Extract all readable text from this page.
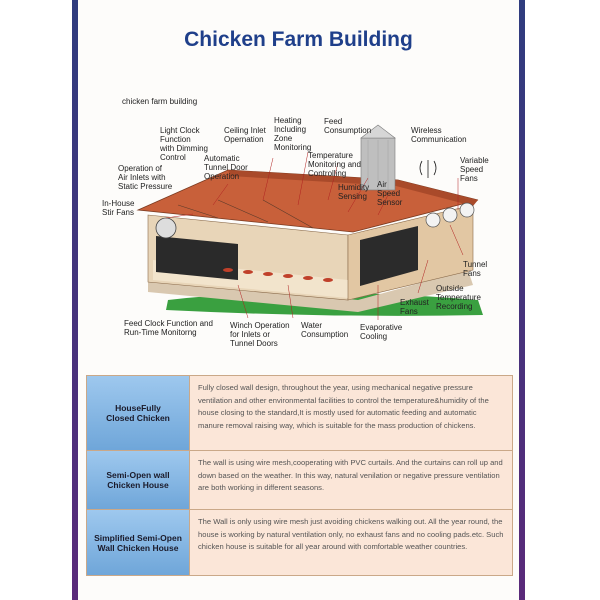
Chicken Farm Building
chicken farm building
Light Clock
Function
with Dimming
Control
Ceiling Inlet
Opernation
Heating
Including
Zone
Monitoring
Feed
Consumption	Wireless
Communication
Operation of
Air Inlets with
Static Pressure
Automatic
Tunnel Door
Operation
Temperature
Monitoring and
Controlling
Humidity
Sensing
Air
Speed
Sensor
Variable
Speed
Fans
In-House
Stir Fans
Tunnel
Fans
Outside
Temperature
Recording
Exhaust
Fans
Feed Clock Function and
Run-Time Monitorng
Winch Operation
for Inlets or
Tunnel Doors
Water
Consumption
Evaporative
Cooling
HouseFully
Closed Chicken
Fully closed wall design, throughout the year, using mechanical negative pressure ventilation and other environmental facilities to control the temperature&humidity of the house closing to the standard,It is mostly used for automatic feeding and automatic manure removal raising way, which is suitable for the mass production of chickens.
Semi-Open wall
Chicken House
The wall is using wire mesh,cooperating with PVC curtails. And the curtains can roll up and down based on the weather. In this way, natural venilation or negative pressure ventilation are both working in different seasons.
Simplified Semi-Open
Wall Chicken House
The Wall is only using wire mesh just avoiding chickens walking out. All the year round, the house is working by natural ventilation only, no exhaust fans and no cooling pads.etc. Such chicken house is suitable for all year around with comfortable weather countries.
